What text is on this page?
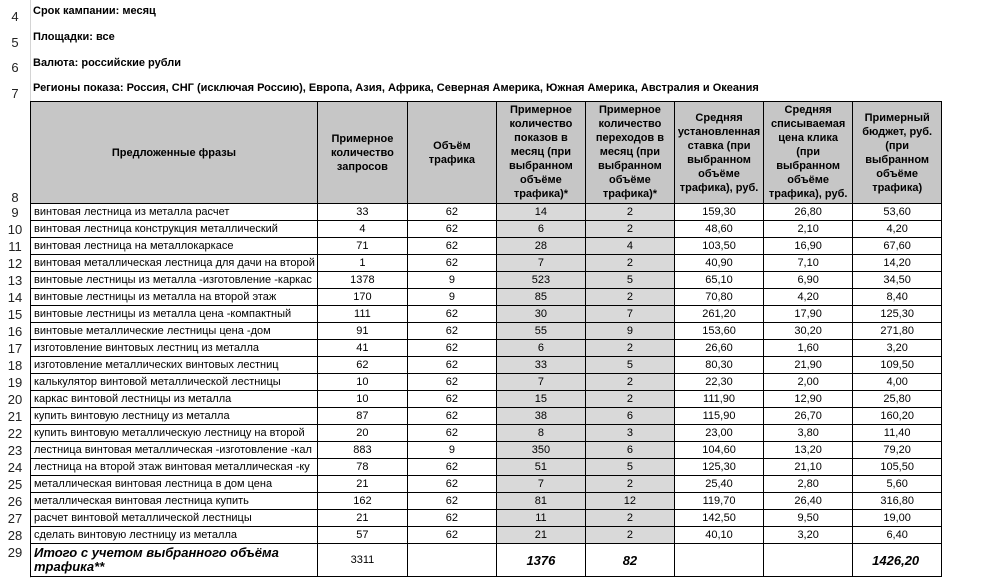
4
5
6
7
8
9
10
11
12
13
14
15
16
17
18
19
20
21
22
23
24
25
26
27
28
29
Срок кампании: месяц
Площадки: все
Валюта: российские рубли
Регионы показа: Россия, СНГ (исключая Россию), Европа, Азия, Африка, Северная Америка, Южная Америка, Австралия и Океания
Предложенные фразы	Примерное количество запросов	Объём трафика	Примерное количество показов в месяц (при выбранном объёме трафика)*	Примерное количество переходов в месяц (при выбранном объёме трафика)*	Средняя установленная ставка (при выбранном объёме трафика), руб.	Средняя списываемая цена клика (при выбранном объёме трафика), руб.	Примерный бюджет, руб. (при выбранном объёме трафика)
винтовая лестница из металла расчет	33	62	14	2	159,30	26,80	53,60
винтовая лестница конструкция металлический	4	62	6	2	48,60	2,10	4,20
винтовая лестница на металлокаркасе	71	62	28	4	103,50	16,90	67,60
винтовая металлическая лестница для дачи на второй	1	62	7	2	40,90	7,10	14,20
винтовые лестницы из металла -изготовление -каркас	1378	9	523	5	65,10	6,90	34,50
винтовые лестницы из металла на второй этаж	170	9	85	2	70,80	4,20	8,40
винтовые лестницы из металла цена -компактный	111	62	30	7	261,20	17,90	125,30
винтовые металлические лестницы цена -дом	91	62	55	9	153,60	30,20	271,80
изготовление винтовых лестниц из металла	41	62	6	2	26,60	1,60	3,20
изготовление металлических винтовых лестниц	62	62	33	5	80,30	21,90	109,50
калькулятор винтовой металлической лестницы	10	62	7	2	22,30	2,00	4,00
каркас винтовой лестницы из металла	10	62	15	2	111,90	12,90	25,80
купить винтовую лестницу из металла	87	62	38	6	115,90	26,70	160,20
купить винтовую металлическую лестницу на второй	20	62	8	3	23,00	3,80	11,40
лестница винтовая металлическая -изготовление -кал	883	9	350	6	104,60	13,20	79,20
лестница на второй этаж винтовая металлическая -ку	78	62	51	5	125,30	21,10	105,50
металлическая винтовая лестница в дом цена	21	62	7	2	25,40	2,80	5,60
металлическая винтовая лестница купить	162	62	81	12	119,70	26,40	316,80
расчет винтовой металлической лестницы	21	62	11	2	142,50	9,50	19,00
сделать винтовую лестницу из металла	57	62	21	2	40,10	3,20	6,40
Итого с учетом выбранного объёма трафика**	3311		1376	82			1426,20
